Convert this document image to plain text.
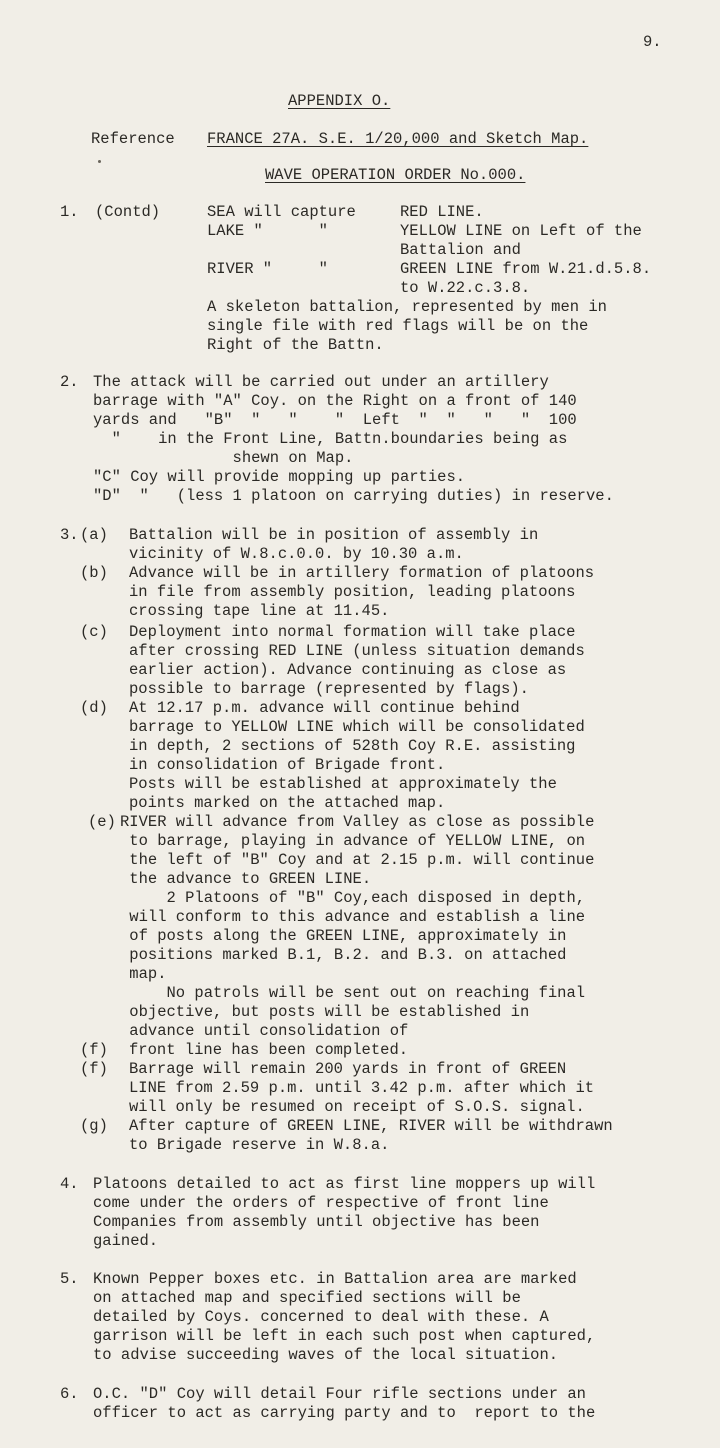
9.
APPENDIX O.
Reference FRANCE 27A. S.E. 1/20,000 and Sketch Map.
WAVE OPERATION ORDER No.000.
1. (Contd)	SEA will capture	RED LINE.
LAKE "      "	YELLOW LINE on Left of the
Battalion and
RIVER "     "	GREEN LINE from W.21.d.5.8.
to W.22.c.3.8.
A skeleton battalion, represented by men in
single file with red flags will be on the
Right of the Battn.
2. The attack will be carried out under an artillery
barrage with "A" Coy. on the Right on a front of 140
yards and   "B"  "   "    "  Left  "  "   "   "  100
"    in the Front Line, Battn.boundaries being as
shewn on Map.
"C" Coy will provide mopping up parties.
"D"  "   (less 1 platoon on carrying duties) in reserve.
3. (a) Battalion will be in position of assembly in
vicinity of W.8.c.0.0. by 10.30 a.m.
(b) Advance will be in artillery formation of platoons
in file from assembly position, leading platoons
crossing tape line at 11.45.
(c) Deployment into normal formation will take place
after crossing RED LINE (unless situation demands
earlier action). Advance continuing as close as
possible to barrage (represented by flags).
(d) At 12.17 p.m. advance will continue behind
barrage to YELLOW LINE which will be consolidated
in depth, 2 sections of 528th Coy R.E. assisting
in consolidation of Brigade front.
Posts will be established at approximately the
points marked on the attached map.
(e) RIVER will advance from Valley as close as possible
to barrage, playing in advance of YELLOW LINE, on
the left of "B" Coy and at 2.15 p.m. will continue
the advance to GREEN LINE.
2 Platoons of "B" Coy,each disposed in depth,
will conform to this advance and establish a line
of posts along the GREEN LINE, approximately in
positions marked B.1, B.2. and B.3. on attached
map.
No patrols will be sent out on reaching final
objective, but posts will be established in
advance until consolidation of
(f) front line has been completed.
(f) Barrage will remain 200 yards in front of GREEN
LINE from 2.59 p.m. until 3.42 p.m. after which it
will only be resumed on receipt of S.O.S. signal.
(g) After capture of GREEN LINE, RIVER will be withdrawn
to Brigade reserve in W.8.a.
4. Platoons detailed to act as first line moppers up will
come under the orders of respective of front line
Companies from assembly until objective has been
gained.
5. Known Pepper boxes etc. in Battalion area are marked
on attached map and specified sections will be
detailed by Coys. concerned to deal with these. A
garrison will be left in each such post when captured,
to advise succeeding waves of the local situation.
6. O.C. "D" Coy will detail Four rifle sections under an
officer to act as carrying party and to  report to the
